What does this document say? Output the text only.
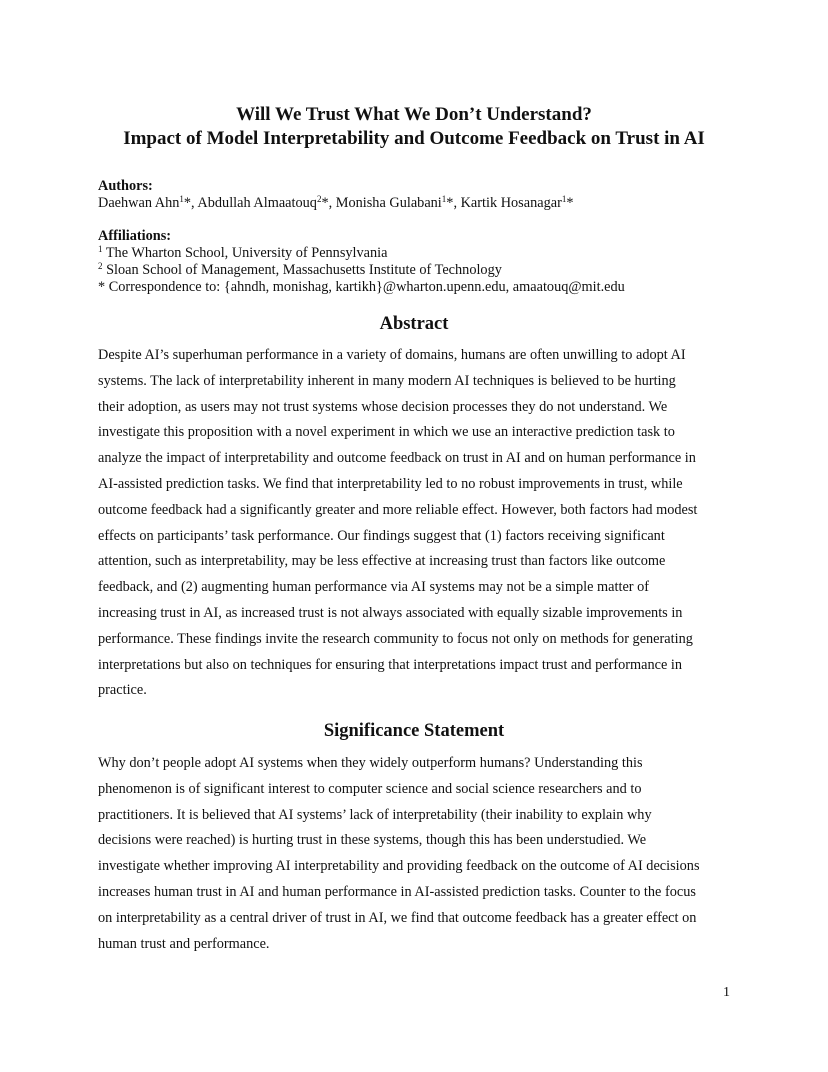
Will We Trust What We Don’t Understand?
Impact of Model Interpretability and Outcome Feedback on Trust in AI
Authors:
Daehwan Ahn$^1$*, Abdullah Almaatouq$^2$*, Monisha Gulabani$^1$*, Kartik Hosanagar$^1$*
Affiliations:
$^1$ The Wharton School, University of Pennsylvania
$^2$ Sloan School of Management, Massachusetts Institute of Technology
* Correspondence to: {ahndh, monishag, kartikh}@wharton.upenn.edu, amaatouq@mit.edu
Abstract
Despite AI’s superhuman performance in a variety of domains, humans are often unwilling to adopt AI
systems. The lack of interpretability inherent in many modern AI techniques is believed to be hurting
their adoption, as users may not trust systems whose decision processes they do not understand. We
investigate this proposition with a novel experiment in which we use an interactive prediction task to
analyze the impact of interpretability and outcome feedback on trust in AI and on human performance in
AI-assisted prediction tasks. We find that interpretability led to no robust improvements in trust, while
outcome feedback had a significantly greater and more reliable effect. However, both factors had modest
effects on participants’ task performance. Our findings suggest that (1) factors receiving significant
attention, such as interpretability, may be less effective at increasing trust than factors like outcome
feedback, and (2) augmenting human performance via AI systems may not be a simple matter of
increasing trust in AI, as increased trust is not always associated with equally sizable improvements in
performance. These findings invite the research community to focus not only on methods for generating
interpretations but also on techniques for ensuring that interpretations impact trust and performance in
practice.
Significance Statement
Why don’t people adopt AI systems when they widely outperform humans? Understanding this
phenomenon is of significant interest to computer science and social science researchers and to
practitioners. It is believed that AI systems’ lack of interpretability (their inability to explain why
decisions were reached) is hurting trust in these systems, though this has been understudied. We
investigate whether improving AI interpretability and providing feedback on the outcome of AI decisions
increases human trust in AI and human performance in AI-assisted prediction tasks. Counter to the focus
on interpretability as a central driver of trust in AI, we find that outcome feedback has a greater effect on
human trust and performance.
1
